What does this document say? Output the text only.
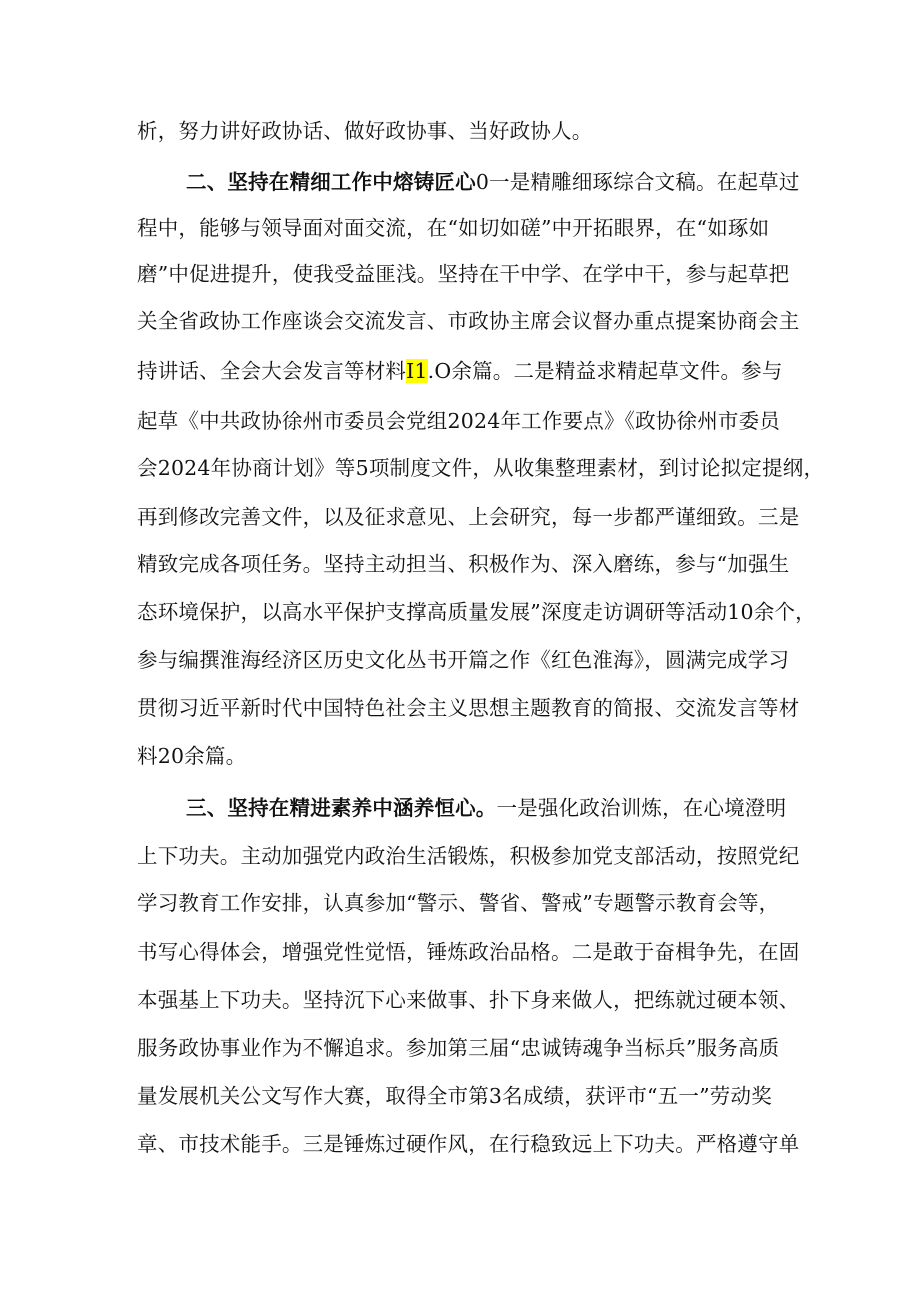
析，努力讲好政协话、做好政协事、当好政协人。
二、坚持在精细工作中熔铸匠心0一是精雕细琢综合文稿。在起草过
程中，能够与领导面对面交流，在“如切如磋”中开拓眼界，在“如琢如
磨”中促进提升，使我受益匪浅。坚持在干中学、在学中干，参与起草把
关全省政协工作座谈会交流发言、市政协主席会议督办重点提案协商会主
持讲话、全会大会发言等材料I1.O余篇。二是精益求精起草文件。参与
起草《中共政协徐州市委员会党组2024年工作要点》《政协徐州市委员
会2024年协商计划》等5项制度文件，从收集整理素材，到讨论拟定提纲，
再到修改完善文件，以及征求意见、上会研究，每一步都严谨细致。三是
精致完成各项任务。坚持主动担当、积极作为、深入磨练，参与“加强生
态环境保护，以高水平保护支撑高质量发展”深度走访调研等活动10余个，
参与编撰淮海经济区历史文化丛书开篇之作《红色淮海》，圆满完成学习
贯彻习近平新时代中国特色社会主义思想主题教育的简报、交流发言等材
料20余篇。
三、坚持在精进素养中涵养恒心。一是强化政治训炼，在心境澄明
上下功夫。主动加强党内政治生活锻炼，积极参加党支部活动，按照党纪
学习教育工作安排，认真参加“警示、警省、警戒”专题警示教育会等，
书写心得体会，增强党性觉悟，锤炼政治品格。二是敢于奋楫争先，在固
本强基上下功夫。坚持沉下心来做事、扑下身来做人，把练就过硬本领、
服务政协事业作为不懈追求。参加第三届“忠诚铸魂争当标兵”服务高质
量发展机关公文写作大赛，取得全市第3名成绩，获评市“五一”劳动奖
章、市技术能手。三是锤炼过硬作风，在行稳致远上下功夫。严格遵守单
